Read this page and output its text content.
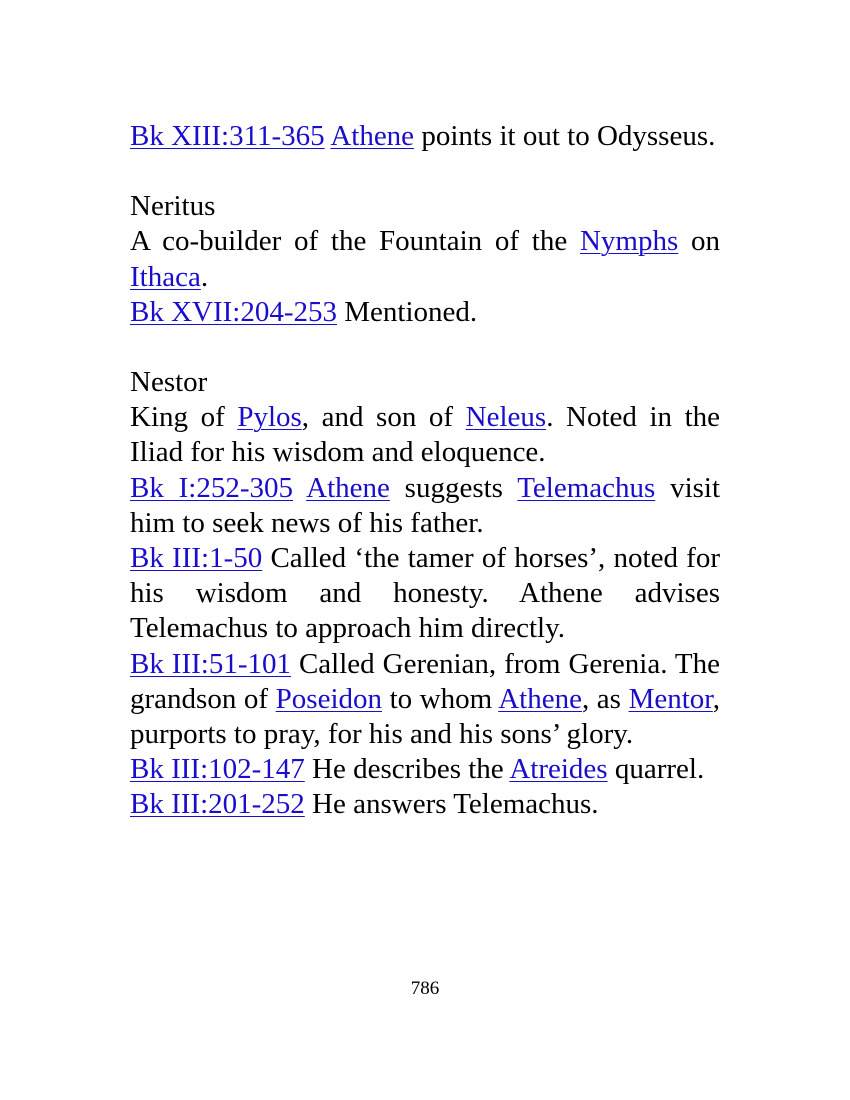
Bk XIII:311-365 Athene points it out to Odysseus.

Neritus

A co-builder of the Fountain of the Nymphs on Ithaca.

Bk XVII:204-253 Mentioned.

Nestor

King of Pylos, and son of Neleus. Noted in the Iliad for his wisdom and eloquence.

Bk I:252-305 Athene suggests Telemachus visit him to seek news of his father.

Bk III:1-50 Called ‘the tamer of horses’, noted for his wisdom and honesty. Athene advises Telemachus to approach him directly.

Bk III:51-101 Called Gerenian, from Gerenia. The grandson of Poseidon to whom Athene, as Mentor, purports to pray, for his and his sons’ glory.

Bk III:102-147 He describes the Atreides quarrel.

Bk III:201-252 He answers Telemachus.

786
